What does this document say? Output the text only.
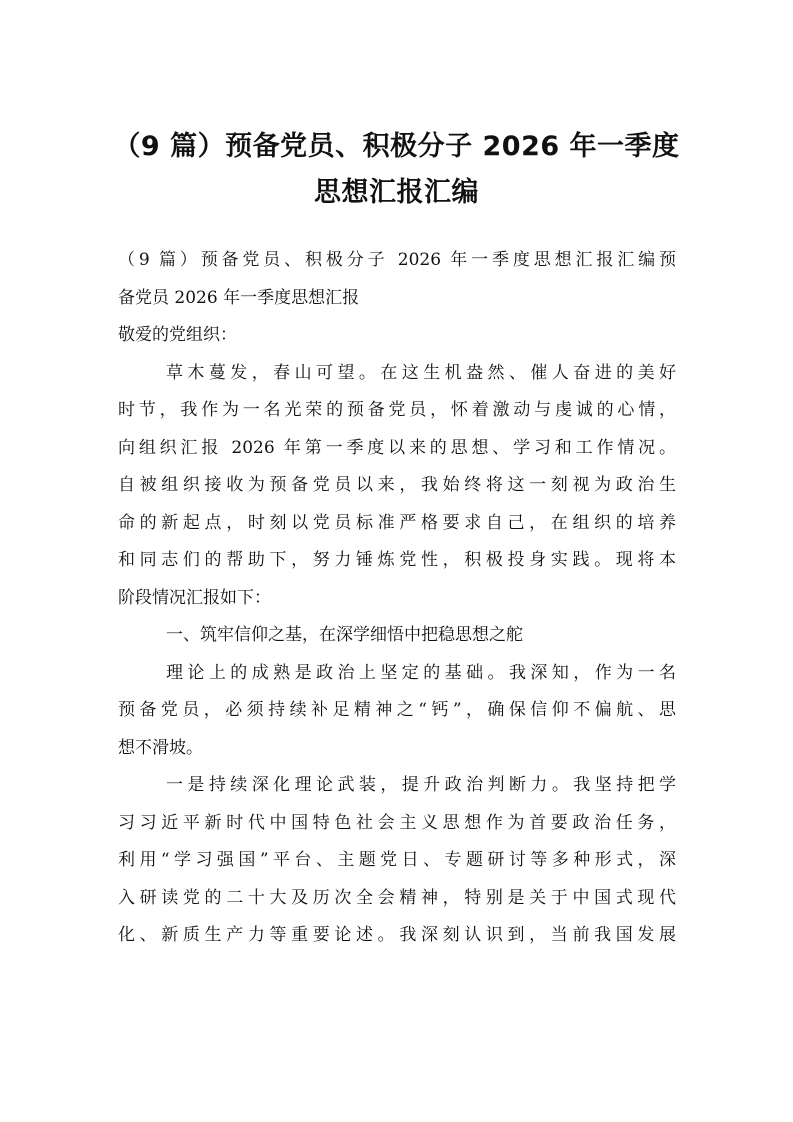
（9 篇）预备党员、积极分子 2026 年一季度
思想汇报汇编
（9 篇）预备党员、积极分子 2026 年一季度思想汇报汇编预
备党员 2026 年一季度思想汇报
敬爱的党组织：
草木蔓发，春山可望。在这生机盎然、催人奋进的美好
时节，我作为一名光荣的预备党员，怀着激动与虔诚的心情，
向组织汇报 2026 年第一季度以来的思想、学习和工作情况。
自被组织接收为预备党员以来，我始终将这一刻视为政治生
命的新起点，时刻以党员标准严格要求自己，在组织的培养
和同志们的帮助下，努力锤炼党性，积极投身实践。现将本
阶段情况汇报如下：
一、筑牢信仰之基，在深学细悟中把稳思想之舵
理论上的成熟是政治上坚定的基础。我深知，作为一名
预备党员，必须持续补足精神之“钙”，确保信仰不偏航、思
想不滑坡。
一是持续深化理论武装，提升政治判断力。我坚持把学
习习近平新时代中国特色社会主义思想作为首要政治任务，
利用“学习强国”平台、主题党日、专题研讨等多种形式，深
入研读党的二十大及历次全会精神，特别是关于中国式现代
化、新质生产力等重要论述。我深刻认识到，当前我国发展
